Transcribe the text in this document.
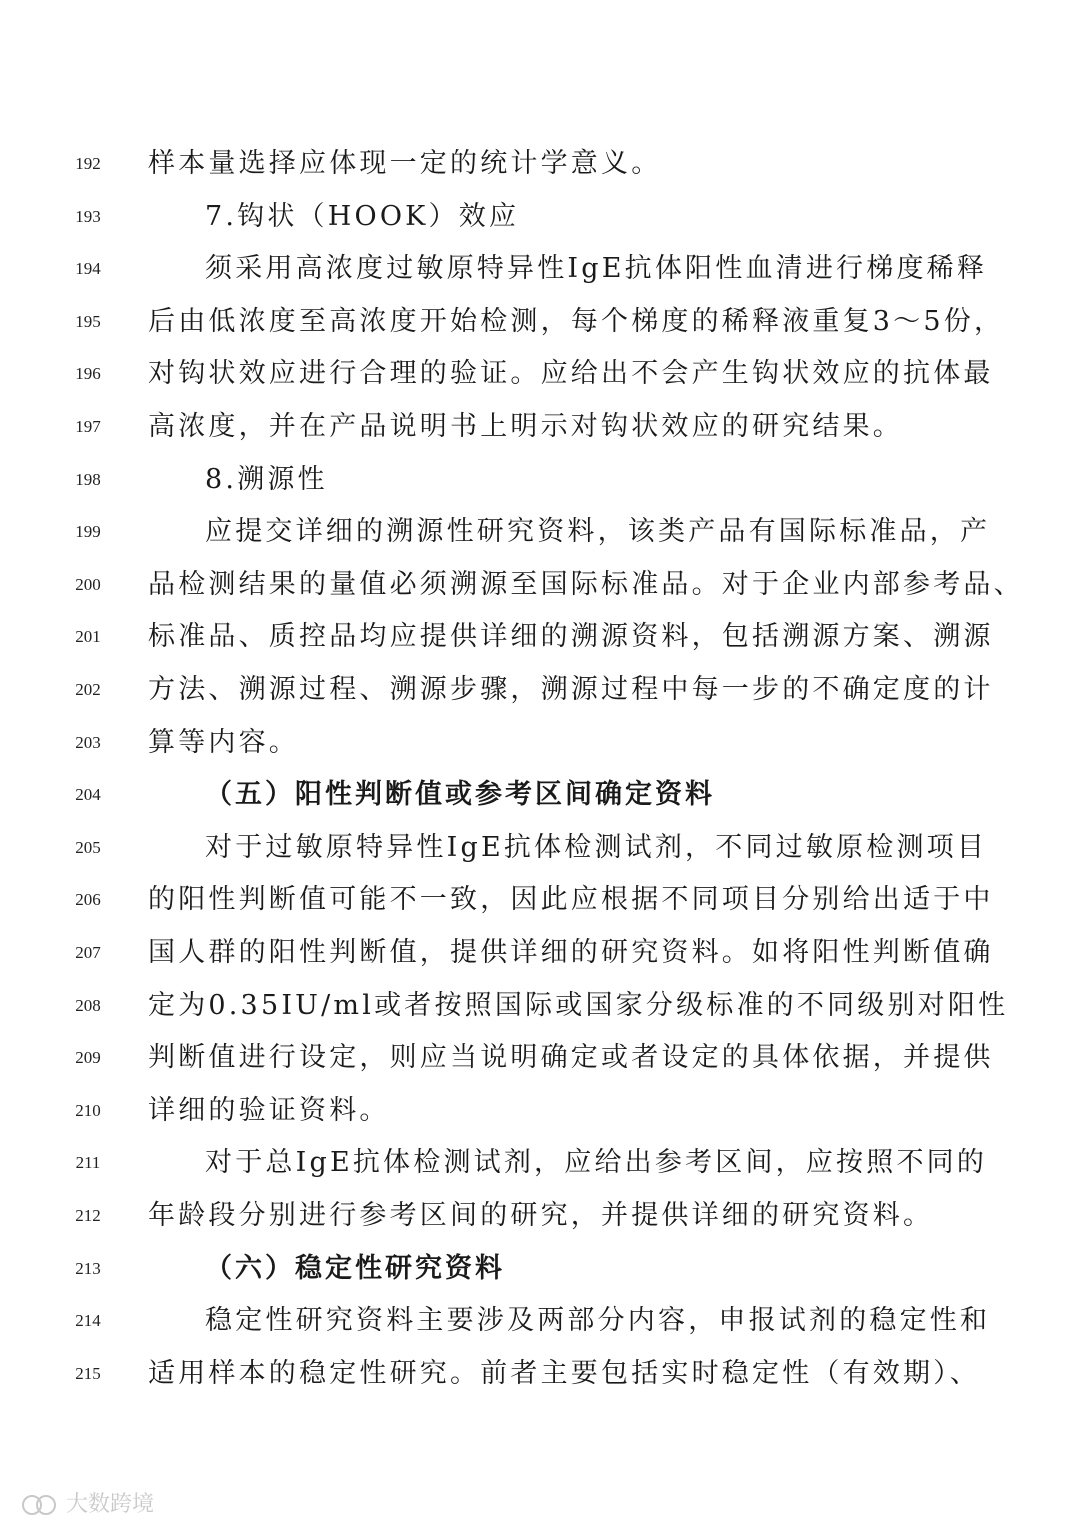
192	样本量选择应体现一定的统计学意义。
193	7.钩状（HOOK）效应
194	须采用高浓度过敏原特异性IgE抗体阳性血清进行梯度稀释
195	后由低浓度至高浓度开始检测，每个梯度的稀释液重复3～5份，
196	对钩状效应进行合理的验证。应给出不会产生钩状效应的抗体最
197	高浓度，并在产品说明书上明示对钩状效应的研究结果。
198	8.溯源性
199	应提交详细的溯源性研究资料，该类产品有国际标准品，产
200	品检测结果的量值必须溯源至国际标准品。对于企业内部参考品、
201	标准品、质控品均应提供详细的溯源资料，包括溯源方案、溯源
202	方法、溯源过程、溯源步骤，溯源过程中每一步的不确定度的计
203	算等内容。
204	（五）阳性判断值或参考区间确定资料
205	对于过敏原特异性IgE抗体检测试剂，不同过敏原检测项目
206	的阳性判断值可能不一致，因此应根据不同项目分别给出适于中
207	国人群的阳性判断值，提供详细的研究资料。如将阳性判断值确
208	定为0.35IU/ml或者按照国际或国家分级标准的不同级别对阳性
209	判断值进行设定，则应当说明确定或者设定的具体依据，并提供
210	详细的验证资料。
211	对于总IgE抗体检测试剂，应给出参考区间，应按照不同的
212	年龄段分别进行参考区间的研究，并提供详细的研究资料。
213	（六）稳定性研究资料
214	稳定性研究资料主要涉及两部分内容，申报试剂的稳定性和
215	适用样本的稳定性研究。前者主要包括实时稳定性（有效期）、
大数跨境
